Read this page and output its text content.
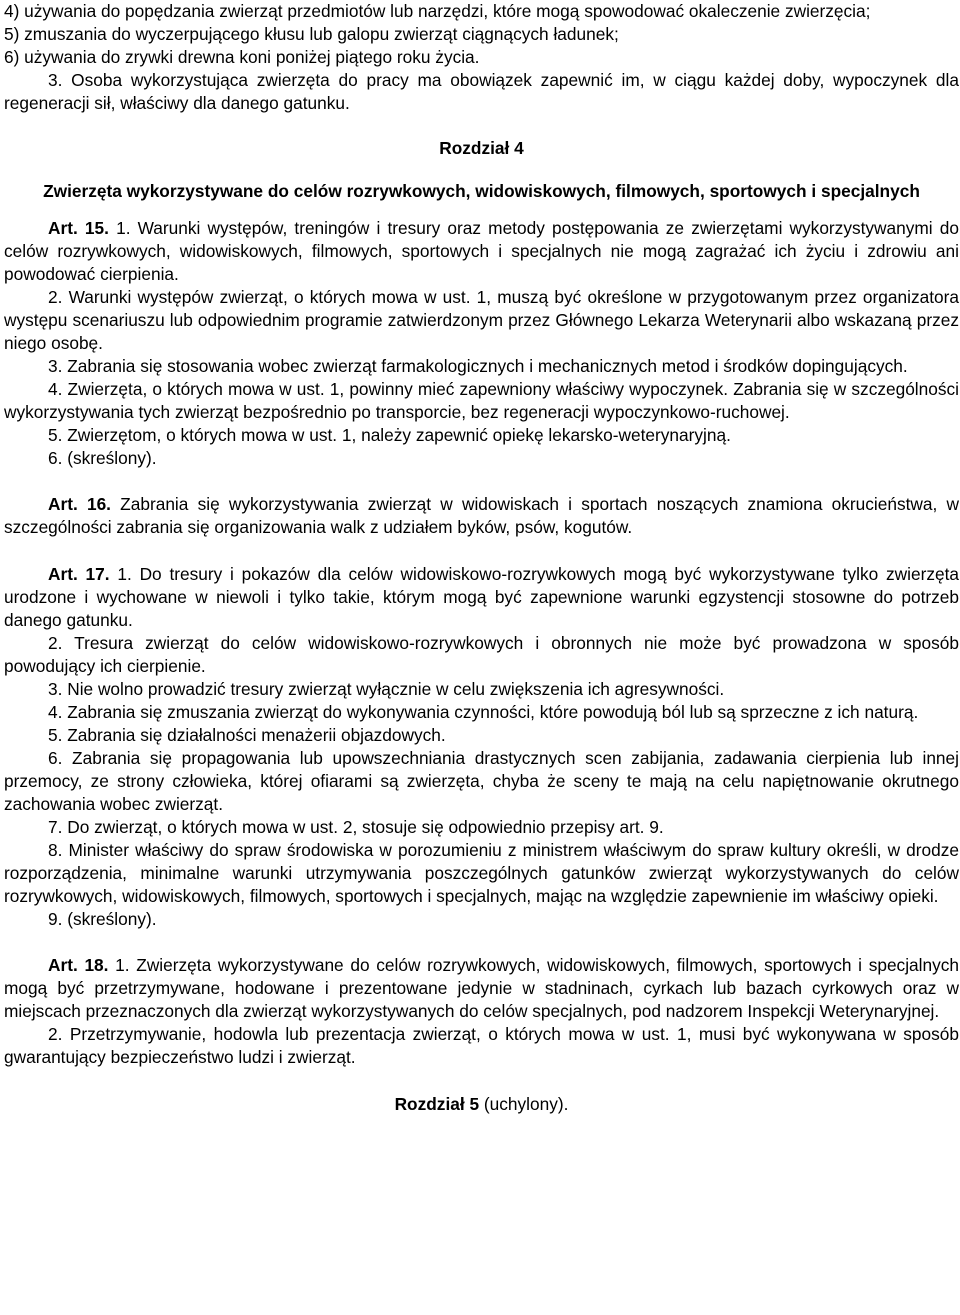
4) używania do popędzania zwierząt przedmiotów lub narzędzi, które mogą spowodować okaleczenie zwierzęcia;

5) zmuszania do wyczerpującego kłusu lub galopu zwierząt ciągnących ładunek;

6) używania do zrywki drewna koni poniżej piątego roku życia.

3. Osoba wykorzystująca zwierzęta do pracy ma obowiązek zapewnić im, w ciągu każdej doby, wypoczynek dla regeneracji sił, właściwy dla danego gatunku.

Rozdział 4

Zwierzęta wykorzystywane do celów rozrywkowych, widowiskowych, filmowych, sportowych i specjalnych

Art. 15. 1. Warunki występów, treningów i tresury oraz metody postępowania ze zwierzętami wykorzystywanymi do celów rozrywkowych, widowiskowych, filmowych, sportowych i specjalnych nie mogą zagrażać ich życiu i zdrowiu ani powodować cierpienia.

2. Warunki występów zwierząt, o których mowa w ust. 1, muszą być określone w przygotowanym przez organizatora występu scenariuszu lub odpowiednim programie zatwierdzonym przez Głównego Lekarza Weterynarii albo wskazaną przez niego osobę.

3. Zabrania się stosowania wobec zwierząt farmakologicznych i mechanicznych metod i środków dopingujących.

4. Zwierzęta, o których mowa w ust. 1, powinny mieć zapewniony właściwy wypoczynek. Zabrania się w szczególności wykorzystywania tych zwierząt bezpośrednio po transporcie, bez regeneracji wypoczynkowo-ruchowej.

5. Zwierzętom, o których mowa w ust. 1, należy zapewnić opiekę lekarsko-weterynaryjną.

6. (skreślony).

Art. 16. Zabrania się wykorzystywania zwierząt w widowiskach i sportach noszących znamiona okrucieństwa, w szczególności zabrania się organizowania walk z udziałem byków, psów, kogutów.

Art. 17. 1. Do tresury i pokazów dla celów widowiskowo-rozrywkowych mogą być wykorzystywane tylko zwierzęta urodzone i wychowane w niewoli i tylko takie, którym mogą być zapewnione warunki egzystencji stosowne do potrzeb danego gatunku.

2. Tresura zwierząt do celów widowiskowo-rozrywkowych i obronnych nie może być prowadzona w sposób powodujący ich cierpienie.

3. Nie wolno prowadzić tresury zwierząt wyłącznie w celu zwiększenia ich agresywności.

4. Zabrania się zmuszania zwierząt do wykonywania czynności, które powodują ból lub są sprzeczne z ich naturą.

5. Zabrania się działalności menażerii objazdowych.

6. Zabrania się propagowania lub upowszechniania drastycznych scen zabijania, zadawania cierpienia lub innej przemocy, ze strony człowieka, której ofiarami są zwierzęta, chyba że sceny te mają na celu napiętnowanie okrutnego zachowania wobec zwierząt.

7. Do zwierząt, o których mowa w ust. 2, stosuje się odpowiednio przepisy art. 9.

8. Minister właściwy do spraw środowiska w porozumieniu z ministrem właściwym do spraw kultury określi, w drodze rozporządzenia, minimalne warunki utrzymywania poszczególnych gatunków zwierząt wykorzystywanych do celów rozrywkowych, widowiskowych, filmowych, sportowych i specjalnych, mając na względzie zapewnienie im właściwy opieki.

9. (skreślony).

Art. 18. 1. Zwierzęta wykorzystywane do celów rozrywkowych, widowiskowych, filmowych, sportowych i specjalnych mogą być przetrzymywane, hodowane i prezentowane jedynie w stadninach, cyrkach lub bazach cyrkowych oraz w miejscach przeznaczonych dla zwierząt wykorzystywanych do celów specjalnych, pod nadzorem Inspekcji Weterynaryjnej.

2. Przetrzymywanie, hodowla lub prezentacja zwierząt, o których mowa w ust. 1, musi być wykonywana w sposób gwarantujący bezpieczeństwo ludzi i zwierząt.

Rozdział 5 (uchylony).
